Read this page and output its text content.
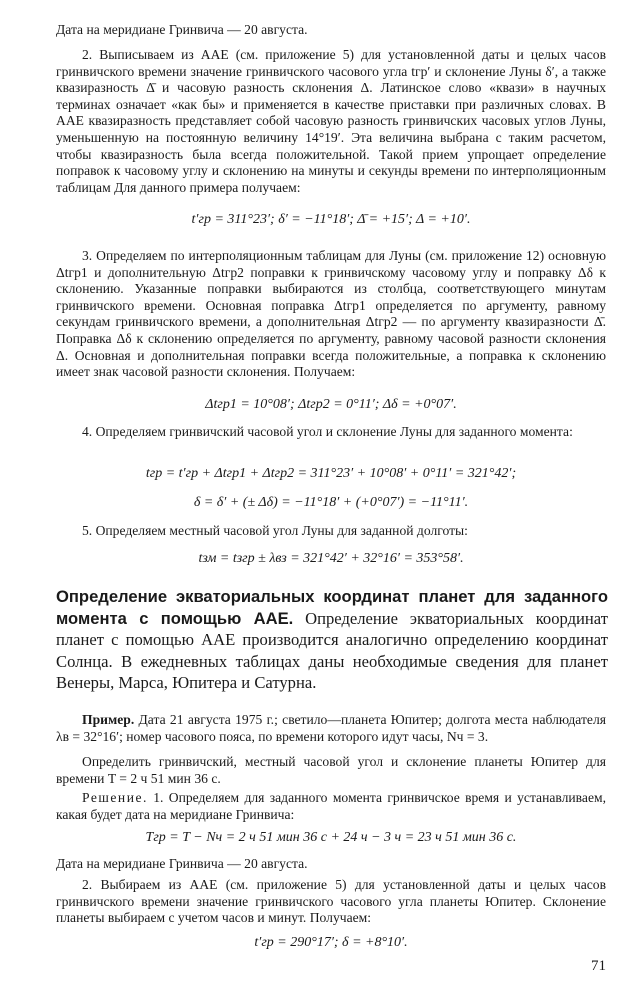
Дата на меридиане Гринвича — 20 августа.

2. Выписываем из ААЕ (см. приложение 5) для установленной даты и целых часов гринвичского времени значение гринвичского часового угла tгр′ и склонение Луны δ′, а также квазиразность Δ̄ и часовую разность склонения Δ. Латинское слово «квази» в научных терминах означает «как бы» и применяется в качестве приставки при различных словах. В ААЕ квазиразность представляет собой часовую разность гринвичских часовых углов Луны, уменьшенную на постоянную величину 14°19′. Эта величина выбрана с таким расчетом, чтобы квазиразность была всегда положительной. Такой прием упрощает определение поправок к часовому углу и склонению на минуты и секунды времени по интерполяционным таблицам Для данного примера получаем:

t′гр = 311°23′; δ′ = −11°18′; Δ̄ = +15′; Δ = +10′.

3. Определяем по интерполяционным таблицам для Луны (см. приложение 12) основную Δtгр1 и дополнительную Δtгр2 поправки к гринвичскому часовому углу и поправку Δδ к склонению. Указанные поправки выбираются из столбца, соответствующего минутам гринвичского времени. Основная поправка Δtгр1 определяется по аргументу, равному секундам гринвичского времени, а дополнительная Δtгр2 — по аргументу квазиразности Δ̄. Поправка Δδ к склонению определяется по аргументу, равному часовой разности склонения Δ. Основная и дополнительная поправки всегда положительные, а поправка к склонению имеет знак часовой разности склонения. Получаем:

Δtгр1 = 10°08′; Δtгр2 = 0°11′; Δδ = +0°07′.

4. Определяем гринвичский часовой угол и склонение Луны для заданного момента:

tгр = t′гр + Δtгр1 + Δtгр2 = 311°23′ + 10°08′ + 0°11′ = 321°42′;

δ = δ′ + (± Δδ) = −11°18′ + (+0°07′) = −11°11′.

5. Определяем местный часовой угол Луны для заданной долготы:

tзм = tзгр ± λвз = 321°42′ + 32°16′ = 353°58′.

Определение экваториальных координат планет для заданного момента с помощью ААЕ. Определение экваториальных координат планет с помощью ААЕ производится аналогично определению координат Солнца. В ежедневных таблицах даны необходимые сведения для планет Венеры, Марса, Юпитера и Сатурна.

Пример. Дата 21 августа 1975 г.; светило—планета Юпитер; долгота места наблюдателя λв = 32°16′; номер часового пояса, по времени которого идут часы, Nч = 3.

Определить гринвичский, местный часовой угол и склонение планеты Юпитер для времени T = 2 ч 51 мин 36 с.

Решение. 1. Определяем для заданного момента гринвичское время и устанавливаем, какая будет дата на меридиане Гринвича:

Tгр = T − Nч = 2 ч 51 мин 36 с + 24 ч − 3 ч = 23 ч 51 мин 36 с.

Дата на меридиане Гринвича — 20 августа.

2. Выбираем из ААЕ (см. приложение 5) для установленной даты и целых часов гринвичского времени значение гринвичского часового угла планеты Юпитер. Склонение планеты выбираем с учетом часов и минут. Получаем:

t′гр = 290°17′; δ = +8°10′.

71
